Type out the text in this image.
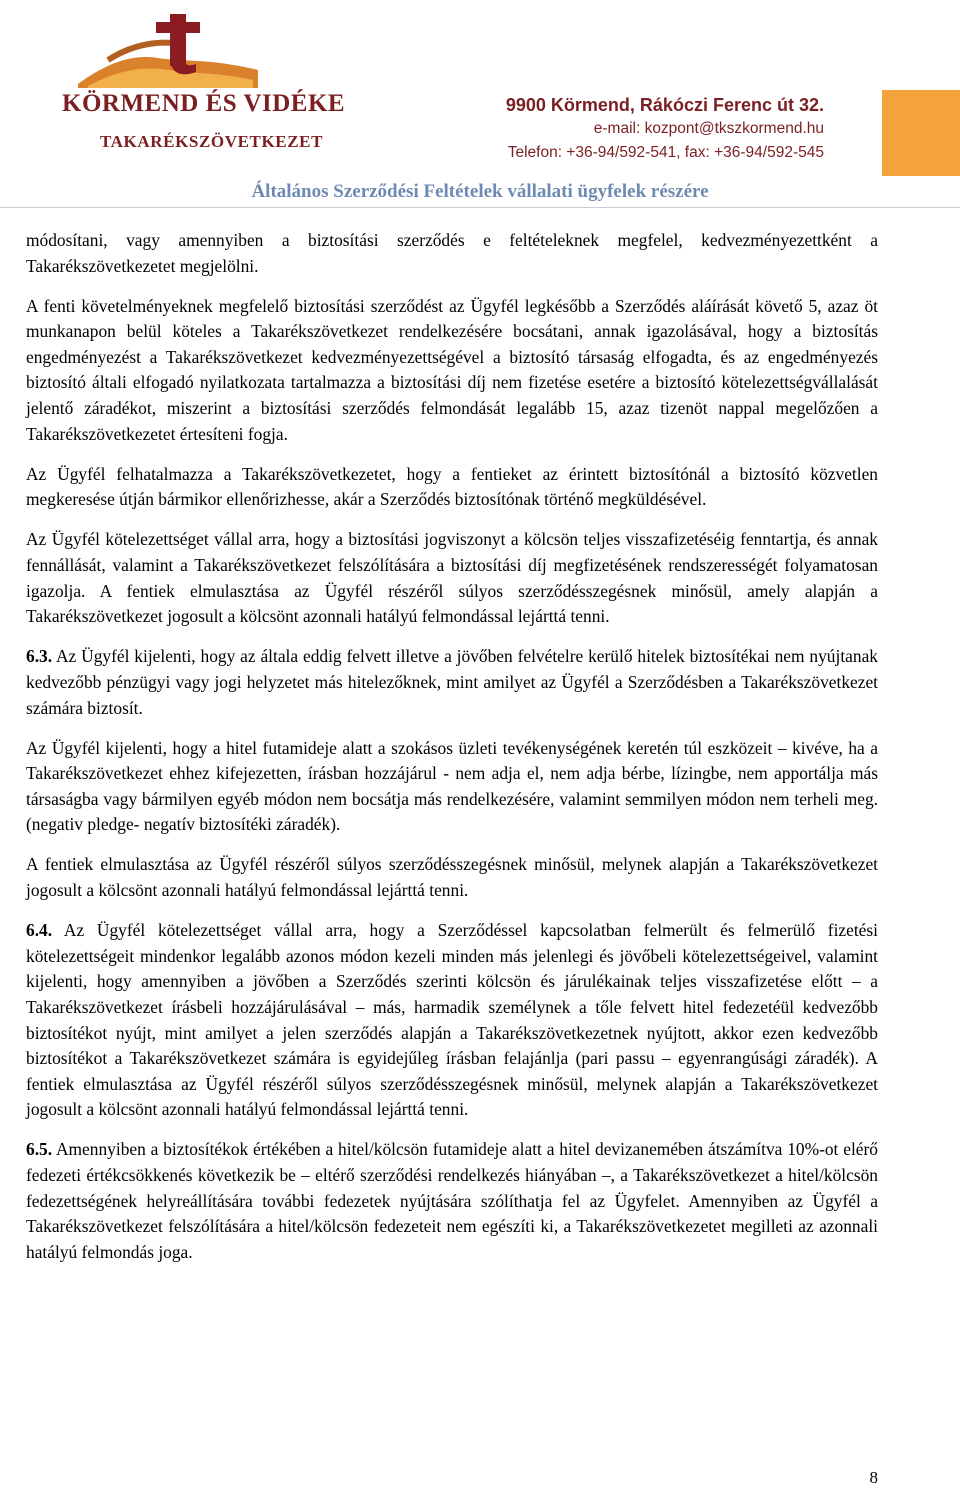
KÖRMEND ÉS VIDÉKE
TAKARÉKSZÖVETKEZET
9900 Körmend, Rákóczi Ferenc út 32.
e-mail: kozpont@tkszkormend.hu
Telefon: +36-94/592-541, fax: +36-94/592-545
Általános Szerződési Feltételek vállalati ügyfelek részére

módosítani, vagy amennyiben a biztosítási szerződés e feltételeknek megfelel, kedvezményezettként a Takarékszövetkezetet megjelölni.

A fenti követelményeknek megfelelő biztosítási szerződést az Ügyfél legkésőbb a Szerződés aláírását követő 5, azaz öt munkanapon belül köteles a Takarékszövetkezet rendelkezésére bocsátani, annak igazolásával, hogy a biztosítás engedményezést a Takarékszövetkezet kedvezményezettségével a biztosító társaság elfogadta, és az engedményezés biztosító általi elfogadó nyilatkozata tartalmazza a biztosítási díj nem fizetése esetére a biztosító kötelezettségvállalását jelentő záradékot, miszerint a biztosítási szerződés felmondását legalább 15, azaz tizenöt nappal megelőzően a Takarékszövetkezetet értesíteni fogja.

Az Ügyfél felhatalmazza a Takarékszövetkezetet, hogy a fentieket az érintett biztosítónál a biztosító közvetlen megkeresése útján bármikor ellenőrizhesse, akár a Szerződés biztosítónak történő megküldésével.

Az Ügyfél kötelezettséget vállal arra, hogy a biztosítási jogviszonyt a kölcsön teljes visszafizetéséig fenntartja, és annak fennállását, valamint a Takarékszövetkezet felszólítására a biztosítási díj megfizetésének rendszerességét folyamatosan igazolja. A fentiek elmulasztása az Ügyfél részéről súlyos szerződésszegésnek minősül, amely alapján a Takarékszövetkezet jogosult a kölcsönt azonnali hatályú felmondással lejárttá tenni.

6.3. Az Ügyfél kijelenti, hogy az általa eddig felvett illetve a jövőben felvételre kerülő hitelek biztosítékai nem nyújtanak kedvezőbb pénzügyi vagy jogi helyzetet más hitelezőknek, mint amilyet az Ügyfél a Szerződésben a Takarékszövetkezet számára biztosít.

Az Ügyfél kijelenti, hogy a hitel futamideje alatt a szokásos üzleti tevékenységének keretén túl eszközeit – kivéve, ha a Takarékszövetkezet ehhez kifejezetten, írásban hozzájárul - nem adja el, nem adja bérbe, lízingbe, nem apportálja más társaságba vagy bármilyen egyéb módon nem bocsátja más rendelkezésére, valamint semmilyen módon nem terheli meg. (negativ pledge- negatív biztosítéki záradék).

A fentiek elmulasztása az Ügyfél részéről súlyos szerződésszegésnek minősül, melynek alapján a Takarékszövetkezet jogosult a kölcsönt azonnali hatályú felmondással lejárttá tenni.

6.4. Az Ügyfél kötelezettséget vállal arra, hogy a Szerződéssel kapcsolatban felmerült és felmerülő fizetési kötelezettségeit mindenkor legalább azonos módon kezeli minden más jelenlegi és jövőbeli kötelezettségeivel, valamint kijelenti, hogy amennyiben a jövőben a Szerződés szerinti kölcsön és járulékainak teljes visszafizetése előtt – a Takarékszövetkezet írásbeli hozzájárulásával – más, harmadik személynek a tőle felvett hitel fedezetéül kedvezőbb biztosítékot nyújt, mint amilyet a jelen szerződés alapján a Takarékszövetkezetnek nyújtott, akkor ezen kedvezőbb biztosítékot a Takarékszövetkezet számára is egyidejűleg írásban felajánlja (pari passu – egyenrangúsági záradék). A fentiek elmulasztása az Ügyfél részéről súlyos szerződésszegésnek minősül, melynek alapján a Takarékszövetkezet jogosult a kölcsönt azonnali hatályú felmondással lejárttá tenni.

6.5. Amennyiben a biztosítékok értékében a hitel/kölcsön futamideje alatt a hitel devizanemében átszámítva 10%-ot elérő fedezeti értékcsökkenés következik be – eltérő szerződési rendelkezés hiányában –, a Takarékszövetkezet a hitel/kölcsön fedezettségének helyreállítására további fedezetek nyújtására szólíthatja fel az Ügyfelet. Amennyiben az Ügyfél a Takarékszövetkezet felszólítására a hitel/kölcsön fedezeteit nem egészíti ki, a Takarékszövetkezetet megilleti az azonnali hatályú felmondás joga.

8
